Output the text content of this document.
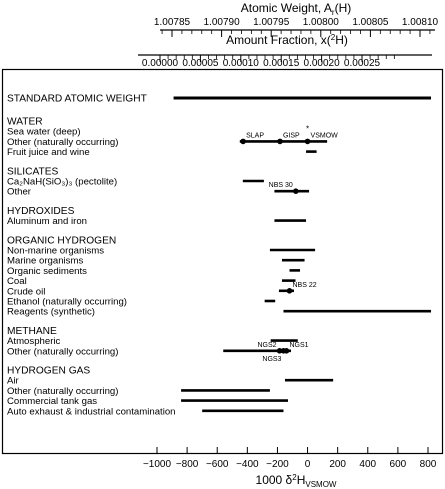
1.00785 1.00790 1.00795 1.00800 1.00805 1.00810
Atomic Weight, $A_r(H)$
0.00000 0.00005 0.00010 0.00015 0.00020 0.00025
Amount Fraction, x($^2$H)
STANDARD ATOMIC WEIGHT
WATER
Sea water (deep)
Other (naturally occurring)
SLAP	GISP VSMOW
*
Fruit juice and wine
SILICATES
Ca₂NaH(SiO₃)₃ (pectolite)
Other
NBS 30
HYDROXIDES
Aluminum and iron
ORGANIC HYDROGEN
Non-marine organisms
Marine organisms
Organic sediments
Coal
Crude oil
NBS 22
Ethanol (naturally occurring)
Reagents (synthetic)
METHANE
Atmospheric
Other (naturally occurring)
NGS2
NGS3
NGS1
HYDROGEN GAS
Air
Other (naturally occurring)
Commercial tank gas
Auto exhaust & industrial contamination
−1000 −800 −600 −400 −200 0 200 400 600 800
1000 $\delta^2H_{VSMOW}$
